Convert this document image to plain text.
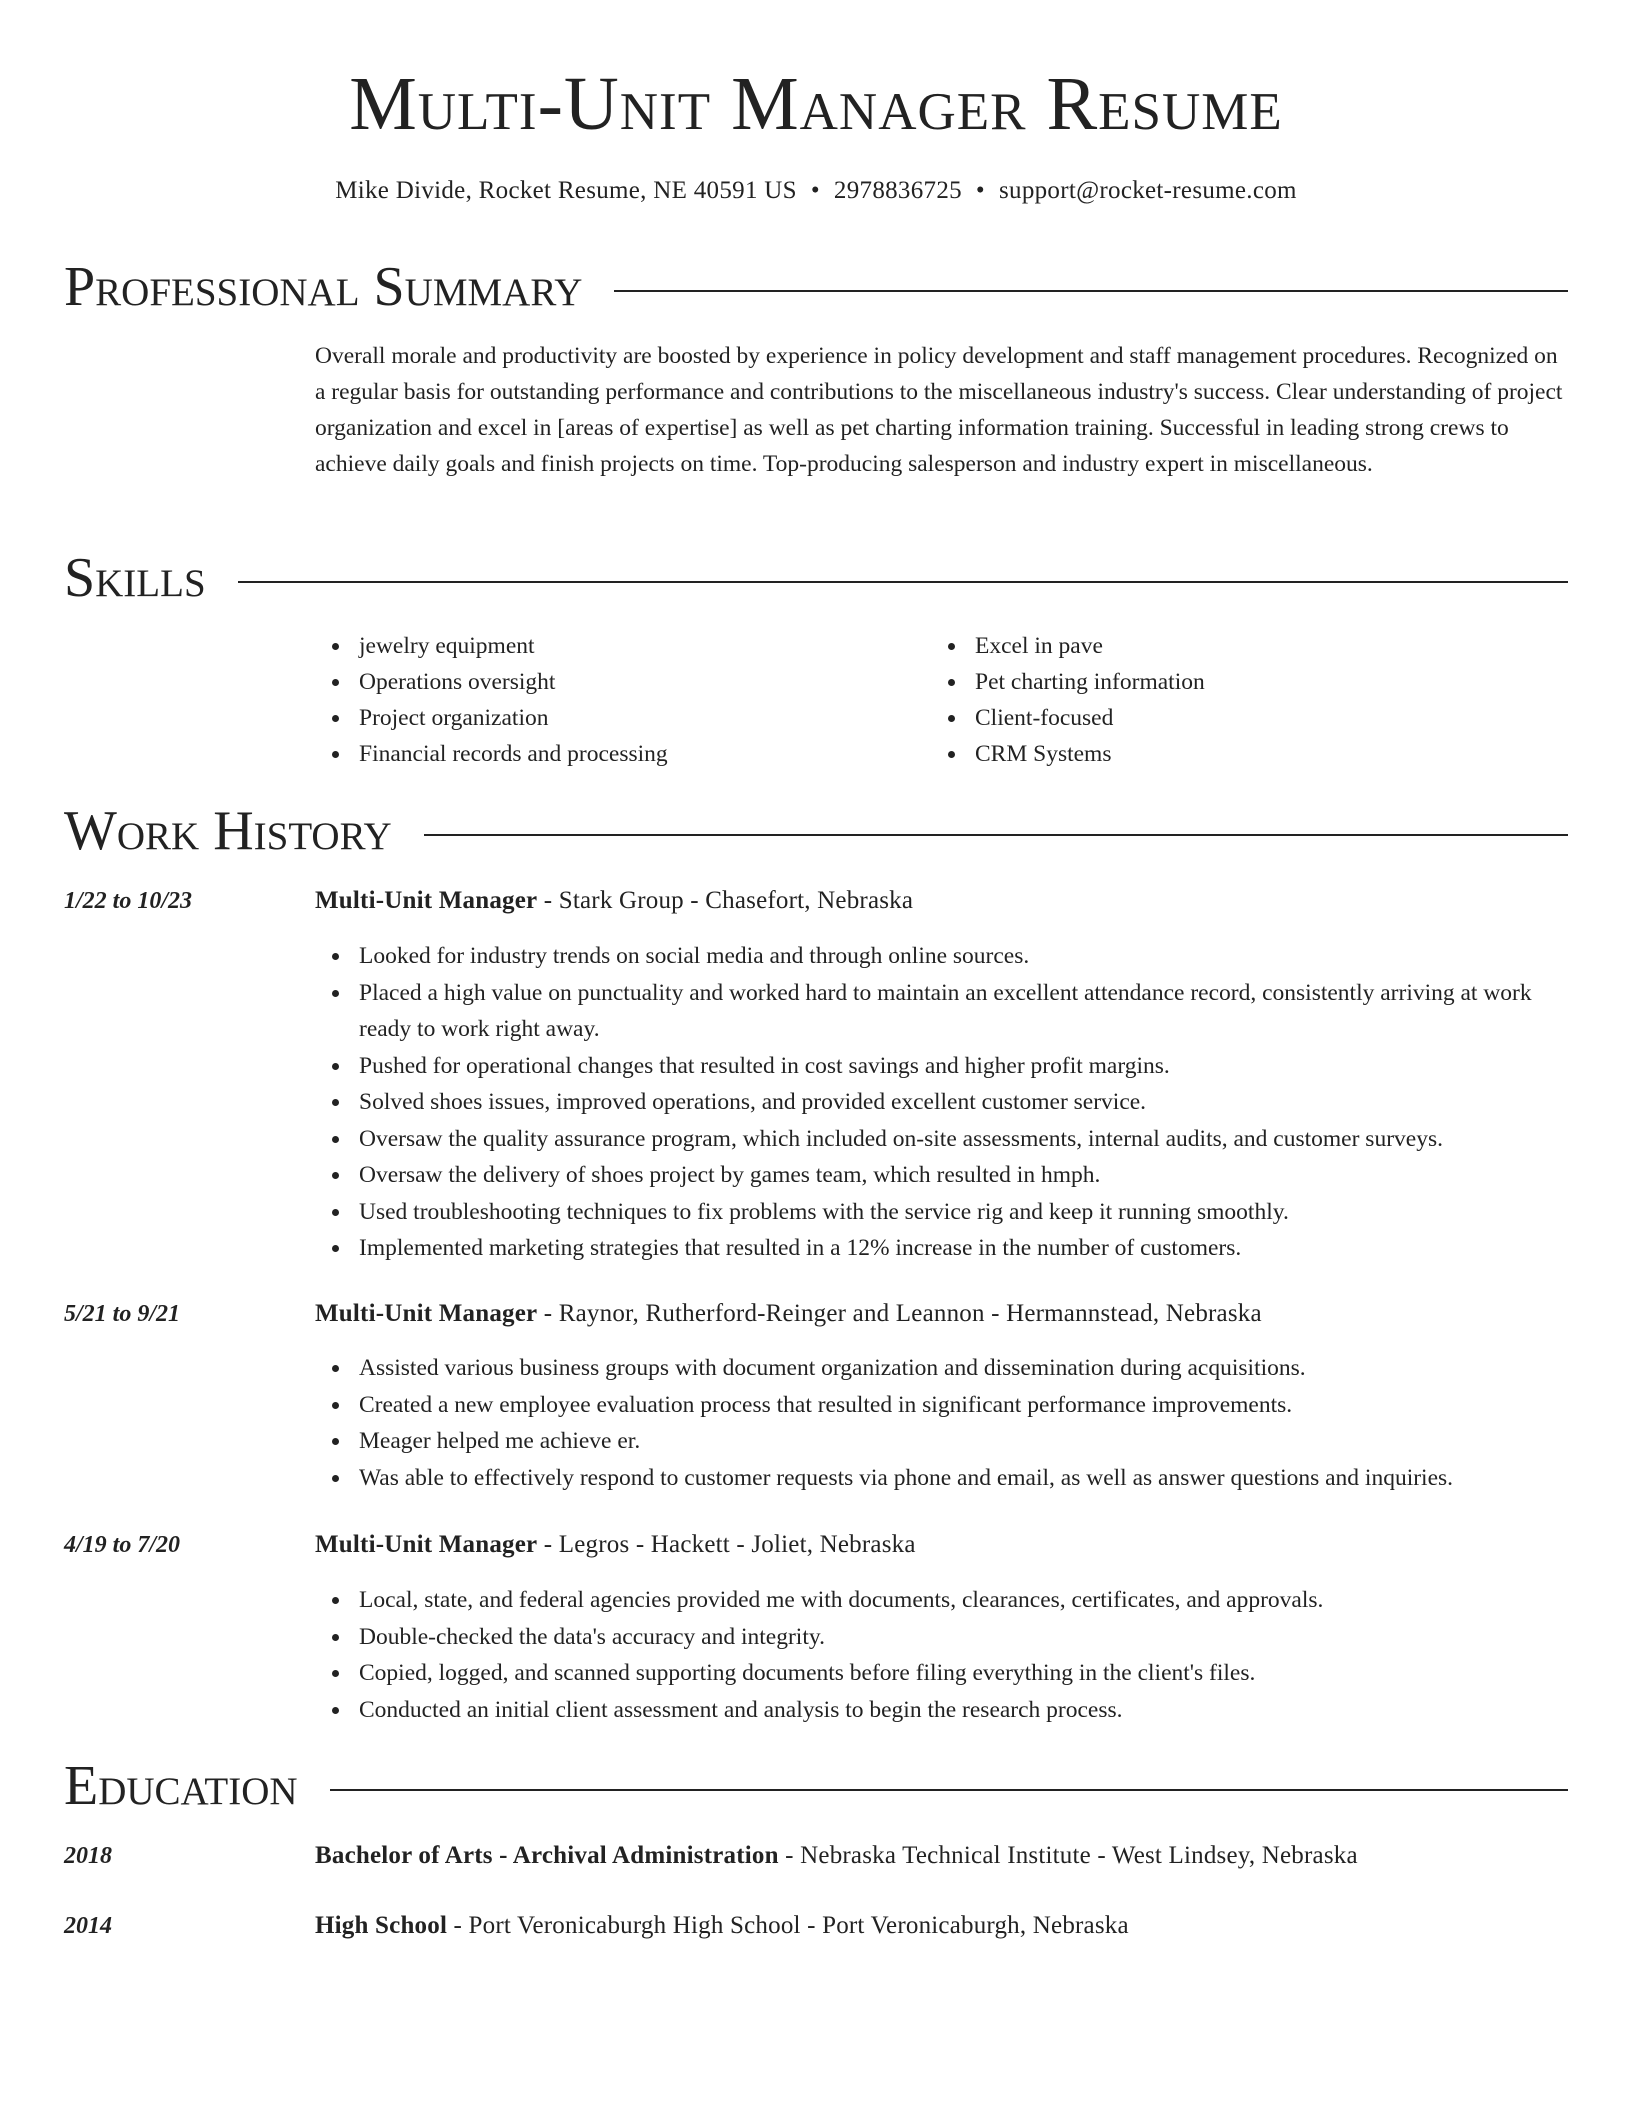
Multi-Unit Manager Resume
Mike Divide, Rocket Resume, NE 40591 US • 2978836725 • support@rocket-resume.com
Professional Summary
Overall morale and productivity are boosted by experience in policy development and staff management procedures. Recognized on a regular basis for outstanding performance and contributions to the miscellaneous industry's success. Clear understanding of project organization and excel in [areas of expertise] as well as pet charting information training. Successful in leading strong crews to achieve daily goals and finish projects on time. Top-producing salesperson and industry expert in miscellaneous.
Skills
jewelry equipment
Operations oversight
Project organization
Financial records and processing
Excel in pave
Pet charting information
Client-focused
CRM Systems
Work History
1/22 to 10/23	Multi-Unit Manager - Stark Group - Chasefort, Nebraska
Looked for industry trends on social media and through online sources.
Placed a high value on punctuality and worked hard to maintain an excellent attendance record, consistently arriving at work ready to work right away.
Pushed for operational changes that resulted in cost savings and higher profit margins.
Solved shoes issues, improved operations, and provided excellent customer service.
Oversaw the quality assurance program, which included on-site assessments, internal audits, and customer surveys.
Oversaw the delivery of shoes project by games team, which resulted in hmph.
Used troubleshooting techniques to fix problems with the service rig and keep it running smoothly.
Implemented marketing strategies that resulted in a 12% increase in the number of customers.
5/21 to 9/21	Multi-Unit Manager - Raynor, Rutherford-Reinger and Leannon - Hermannstead, Nebraska
Assisted various business groups with document organization and dissemination during acquisitions.
Created a new employee evaluation process that resulted in significant performance improvements.
Meager helped me achieve er.
Was able to effectively respond to customer requests via phone and email, as well as answer questions and inquiries.
4/19 to 7/20	Multi-Unit Manager - Legros - Hackett - Joliet, Nebraska
Local, state, and federal agencies provided me with documents, clearances, certificates, and approvals.
Double-checked the data's accuracy and integrity.
Copied, logged, and scanned supporting documents before filing everything in the client's files.
Conducted an initial client assessment and analysis to begin the research process.
Education
2018	Bachelor of Arts - Archival Administration - Nebraska Technical Institute - West Lindsey, Nebraska
2014	High School - Port Veronicaburgh High School - Port Veronicaburgh, Nebraska
